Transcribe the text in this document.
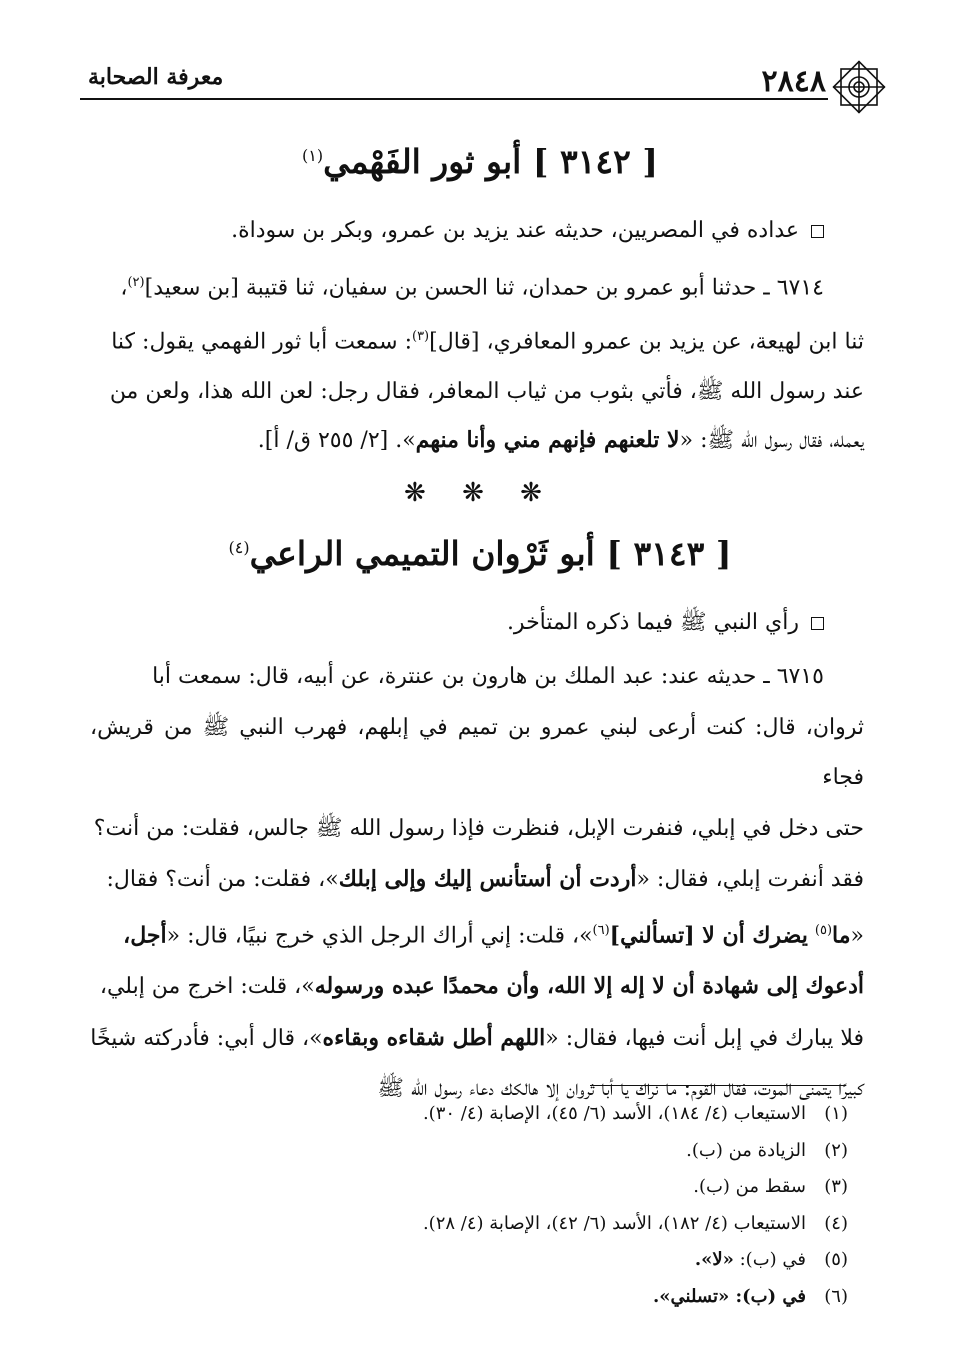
٢٨٤٨
معرفة الصحابة
[ ٣١٤٢ ] أبو ثور الفَهْمي$^{(١)}$
عداده في المصريين، حديثه عند يزيد بن عمرو، وبكر بن سوداة.
٦٧١٤ ـ حدثنا أبو عمرو بن حمدان، ثنا الحسن بن سفيان، ثنا قتيبة [بن سعيد]$^{(٢)}$،
ثنا ابن لهيعة، عن يزيد بن عمرو المعافري، [قال]$^{(٣)}$: سمعت أبا ثور الفهمي يقول: كنا
عند رسول الله ﷺ، فأتي بثوب من ثياب المعافر، فقال رجل: لعن الله هذا، ولعن من
يعمله، فقال رسول الله ﷺ: «لا تلعنهم فإنهم مني وأنا منهم». [٢/ ٢٥٥ ق/ أ].
❋ ❋ ❋
[ ٣١٤٣ ] أبو ثَرْوان التميمي الراعي$^{(٤)}$
رأي النبي ﷺ فيما ذكره المتأخر.
٦٧١٥ ـ حديثه عند: عبد الملك بن هارون بن عنترة، عن أبيه، قال: سمعت أبا
ثروان، قال: كنت أرعى لبني عمرو بن تميم في إبلهم، فهرب النبي ﷺ من قريش، فجاء
حتى دخل في إبلي، فنفرت الإبل، فنظرت فإذا رسول الله ﷺ جالس، فقلت: من أنت؟
فقد أنفرت إبلي، فقال: «أردت أن أستأنس إليك وإلى إبلك»، فقلت: من أنت؟ فقال:
«ما$^{(٥)}$ يضرك أن لا [تسألني]$^{(٦)}$»، قلت: إني أراك الرجل الذي خرج نبيًا، قال: «أجل،
أدعوك إلى شهادة أن لا إله إلا الله، وأن محمدًا عبده ورسوله»، قلت: اخرج من إبلي،
فلا يبارك في إبل أنت فيها، فقال: «اللهم أطل شقاءه وبقاءه»، قال أبي: فأدركته شيخًا
كبيرًا يتمنى الموت، فقال القوم: ما نراك يا أبا ثروان إلا هالكك دعاء رسول الله ﷺ
(١)
الاستيعاب (٤/ ١٨٤)، الأسد (٦/ ٤٥)، الإصابة (٤/ ٣٠).
(٢)
الزيادة من (ب).
(٣)
سقط من (ب).
(٤)
الاستيعاب (٤/ ١٨٢)، الأسد (٦/ ٤٢)، الإصابة (٤/ ٢٨).
(٥)
في (ب): «لا».
(٦)
في (ب): «تسلني».
